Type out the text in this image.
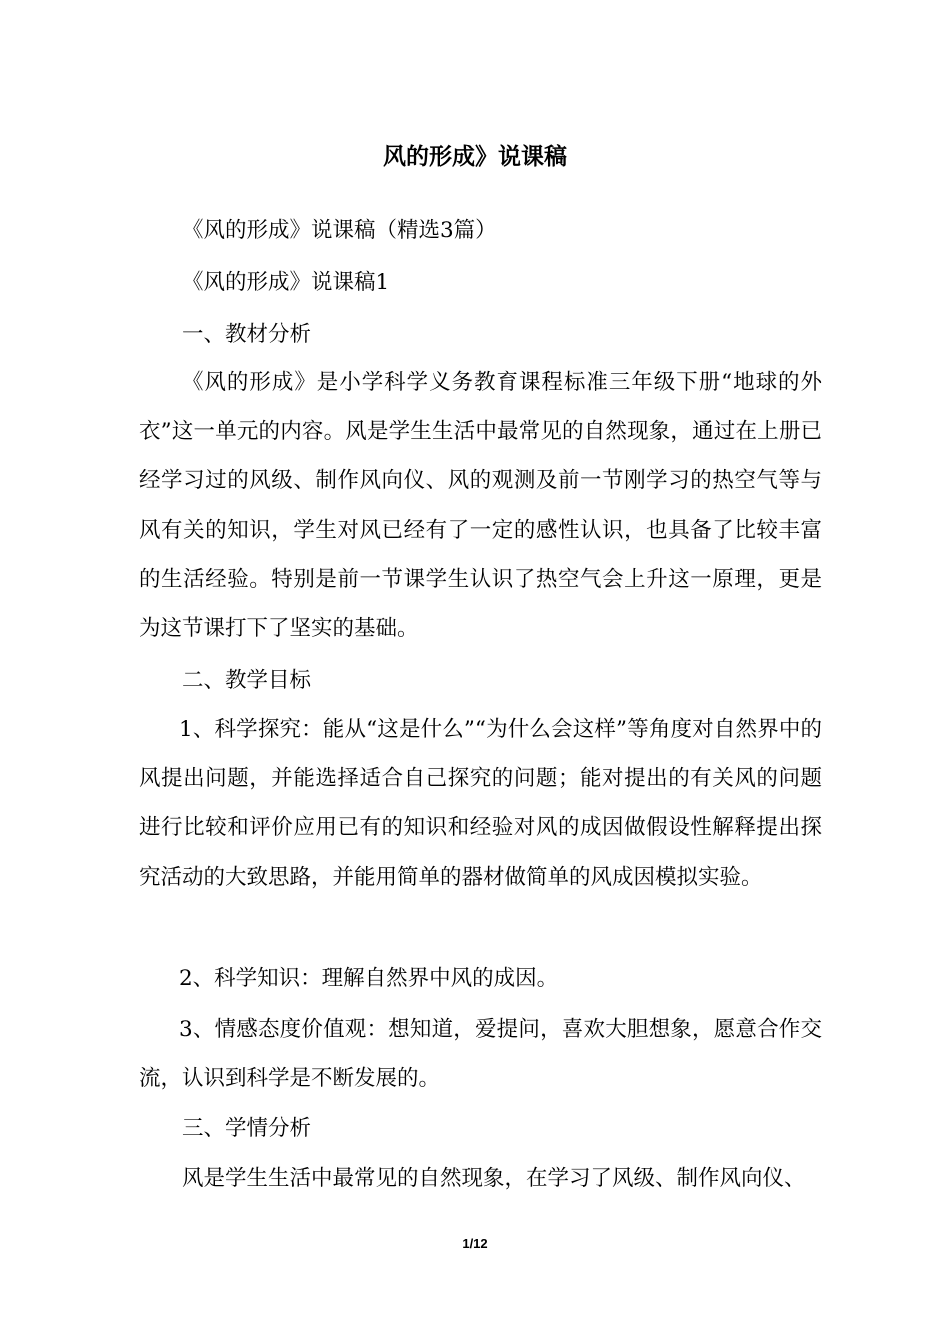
风的形成》说课稿

《风的形成》说课稿（精选3篇）

《风的形成》说课稿1

一、教材分析

《风的形成》是小学科学义务教育课程标准三年级下册“地球的外衣”这一单元的内容。风是学生生活中最常见的自然现象，通过在上册已经学习过的风级、制作风向仪、风的观测及前一节刚学习的热空气等与风有关的知识，学生对风已经有了一定的感性认识，也具备了比较丰富的生活经验。特别是前一节课学生认识了热空气会上升这一原理，更是为这节课打下了坚实的基础。

二、教学目标

1、科学探究：能从“这是什么”“为什么会这样”等角度对自然界中的风提出问题，并能选择适合自己探究的问题；能对提出的有关风的问题进行比较和评价应用已有的知识和经验对风的成因做假设性解释提出探究活动的大致思路，并能用简单的器材做简单的风成因模拟实验。

2、科学知识：理解自然界中风的成因。

3、情感态度价值观：想知道，爱提问，喜欢大胆想象，愿意合作交流，认识到科学是不断发展的。

三、学情分析

风是学生生活中最常见的自然现象，在学习了风级、制作风向仪、

1/12
